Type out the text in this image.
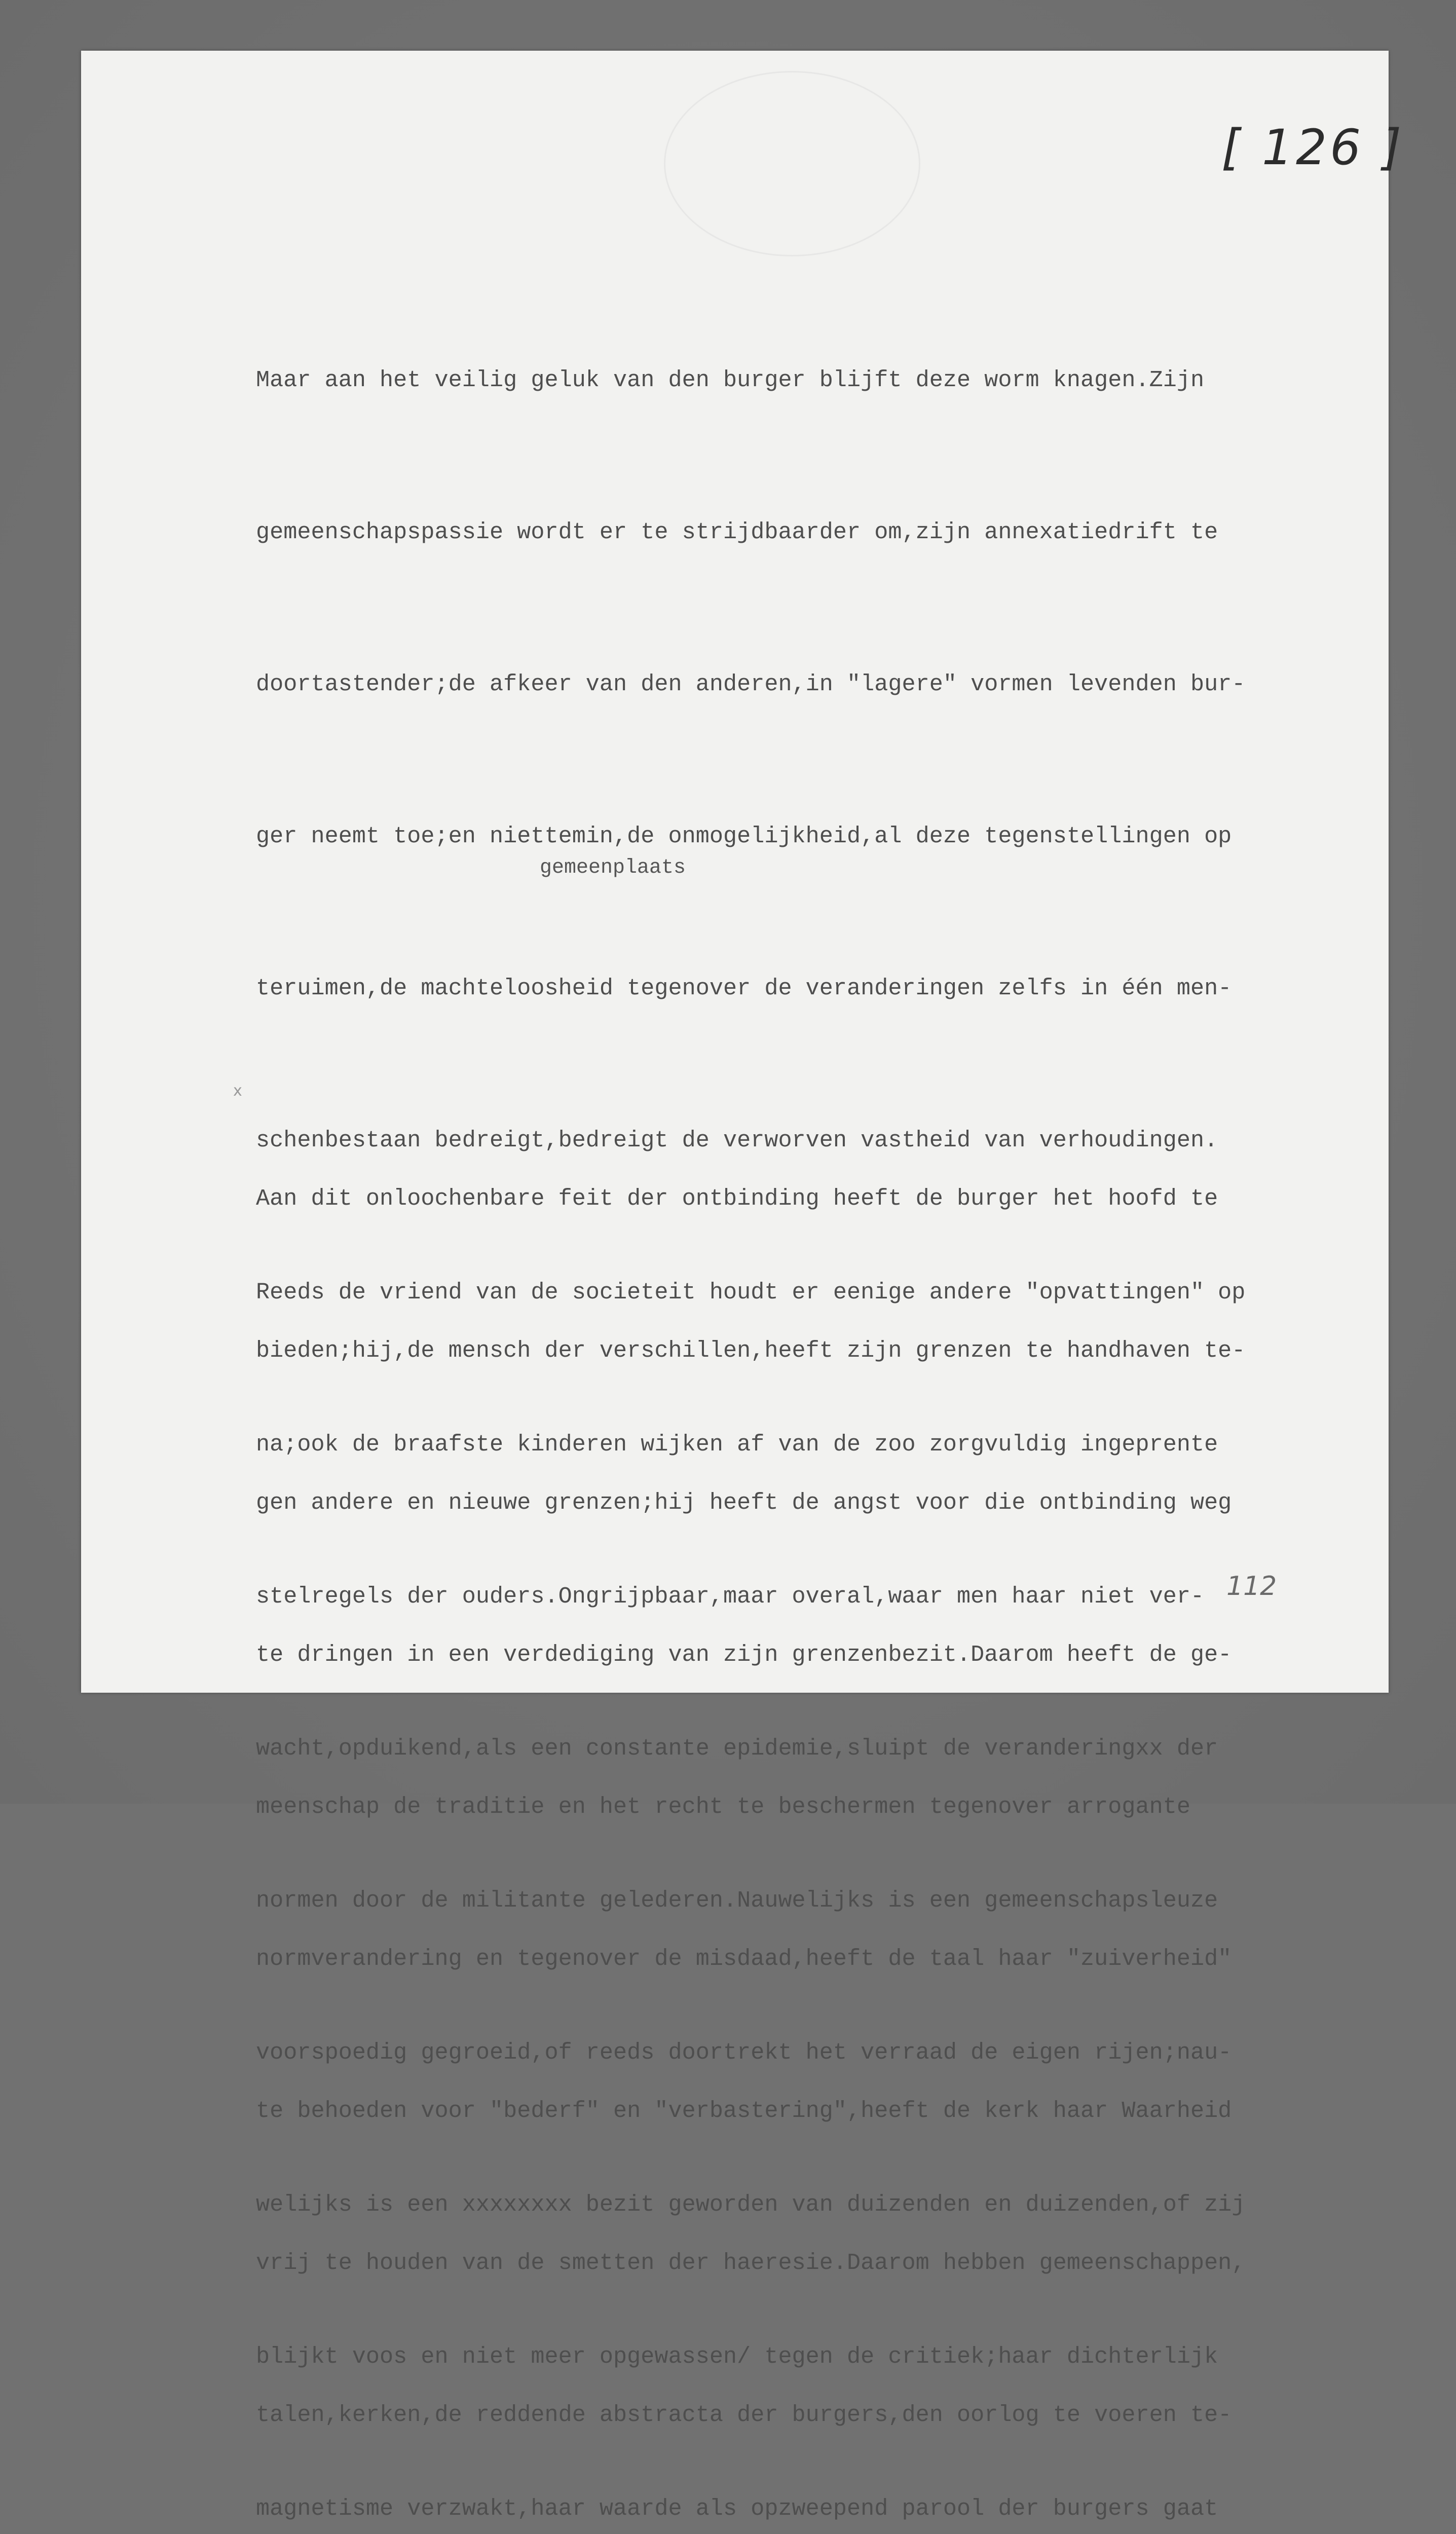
[ 126 ]

Maar aan het veilig geluk van den burger blijft deze worm knagen.Zijn

gemeenschapspassie wordt er te strijdbaarder om,zijn annexatiedrift te

doortastender;de afkeer van den anderen,in "lagere" vormen levenden bur-

ger neemt toe;en niettemin,de onmogelijkheid,al deze tegenstellingen op

teruimen,de machteloosheid tegenover de veranderingen zelfs in één men-

schenbestaan bedreigt,bedreigt de verworven vastheid van verhoudingen.

Reeds de vriend van de societeit houdt er eenige andere "opvattingen" op

na;ook de braafste kinderen wijken af van de zoo zorgvuldig ingeprente

stelregels der ouders.Ongrijpbaar,maar overal,waar men haar niet ver-

wacht,opduikend,als een constante epidemie,sluipt de veranderingxx der

normen door de militante gelederen.Nauwelijks is een gemeenschapsleuze

voorspoedig gegroeid,of reeds doortrekt het verraad de eigen rijen;nau-

welijks is een xxxxxxxx bezit geworden van duizenden en duizenden,of zij

blijkt voos en niet meer opgewassen/ tegen de critiek;haar dichterlijk

magnetisme verzwakt,haar waarde als opzweepend parool der burgers gaat

gemeenplaats
x

Aan dit onloochenbare feit der ontbinding heeft de burger het hoofd te

bieden;hij,de mensch der verschillen,heeft zijn grenzen te handhaven te-

gen andere en nieuwe grenzen;hij heeft de angst voor die ontbinding weg

te dringen in een verdediging van zijn grenzenbezit.Daarom heeft de ge-

meenschap de traditie en het recht te beschermen tegenover arrogante

normverandering en tegenover de misdaad,heeft de taal haar "zuiverheid"

te behoeden voor "bederf" en "verbastering",heeft de kerk haar Waarheid

vrij te houden van de smetten der haeresie.Daarom hebben gemeenschappen,

talen,kerken,de reddende abstracta der burgers,den oorlog te voeren te-

112
